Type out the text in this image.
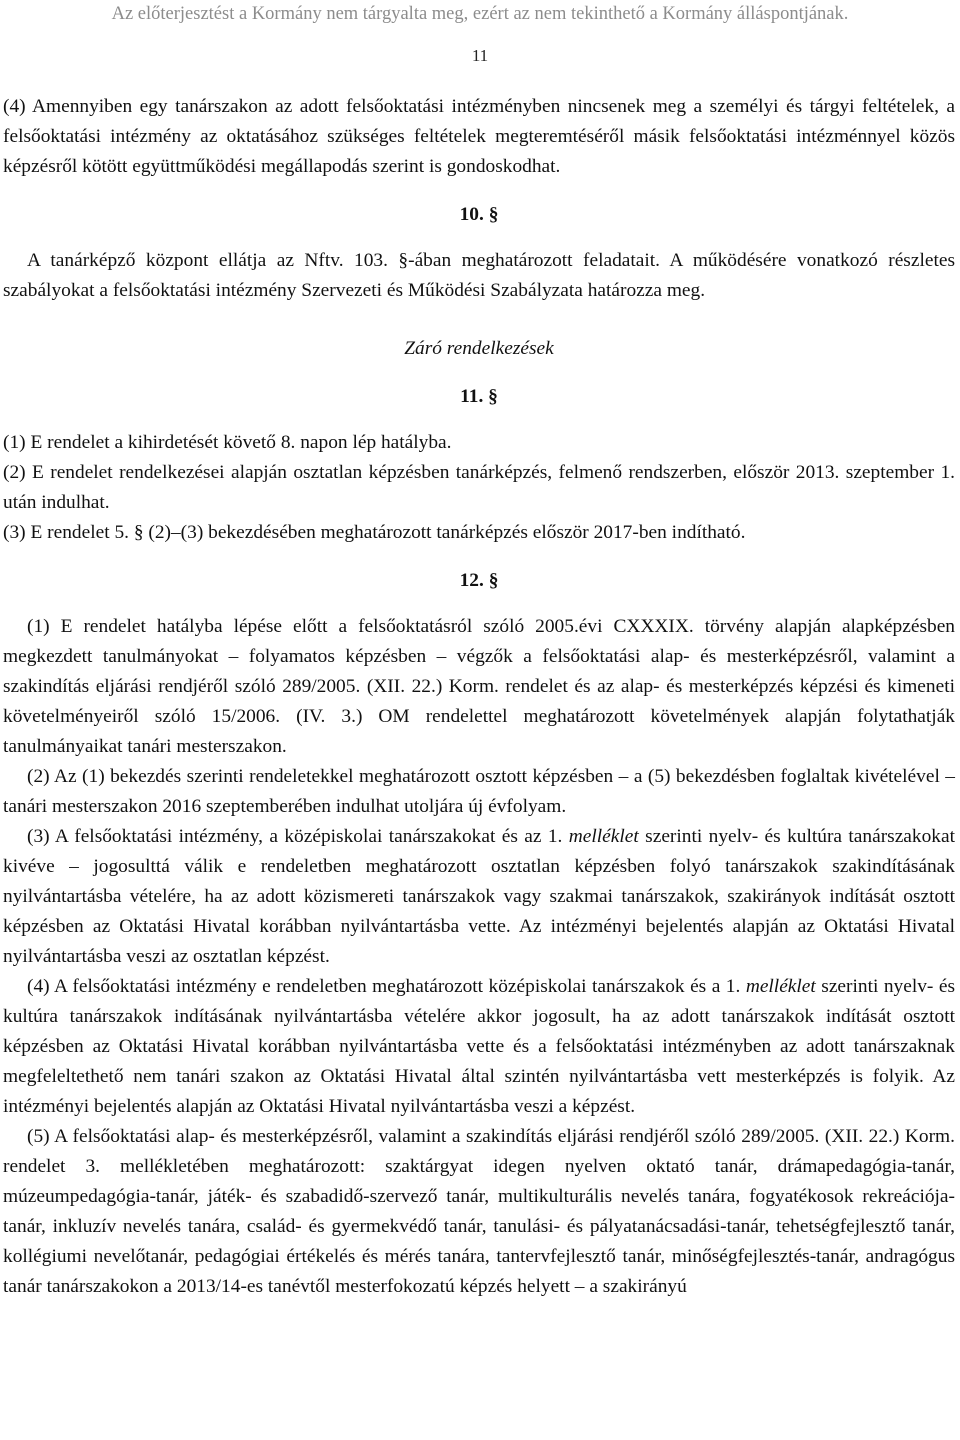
Az előterjesztést a Kormány nem tárgyalta meg, ezért az nem tekinthető a Kormány álláspontjának.
11

(4) Amennyiben egy tanárszakon az adott felsőoktatási intézményben nincsenek meg a személyi és tárgyi feltételek, a felsőoktatási intézmény az oktatásához szükséges feltételek megteremtéséről másik felsőoktatási intézménnyel közös képzésről kötött együttműködési megállapodás szerint is gondoskodhat.

10. §

A tanárképző központ ellátja az Nftv. 103. §-ában meghatározott feladatait. A működésére vonatkozó részletes szabályokat a felsőoktatási intézmény Szervezeti és Működési Szabályzata határozza meg.

Záró rendelkezések

11. §

(1) E rendelet a kihirdetését követő 8. napon lép hatályba.

(2) E rendelet rendelkezései alapján osztatlan képzésben tanárképzés, felmenő rendszerben, először 2013. szeptember 1. után indulhat.

(3) E rendelet 5. § (2)–(3) bekezdésében meghatározott tanárképzés először 2017-ben indítható.

12. §

(1) E rendelet hatályba lépése előtt a felsőoktatásról szóló 2005.évi CXXXIX. törvény alapján alapképzésben megkezdett tanulmányokat – folyamatos képzésben – végzők a felsőoktatási alap- és mesterképzésről, valamint a szakindítás eljárási rendjéről szóló 289/2005. (XII. 22.) Korm. rendelet és az alap- és mesterképzés képzési és kimeneti követelményeiről szóló 15/2006. (IV. 3.) OM rendelettel meghatározott követelmények alapján folytathatják tanulmányaikat tanári mesterszakon.

(2) Az (1) bekezdés szerinti rendeletekkel meghatározott osztott képzésben – a (5) bekezdésben foglaltak kivételével – tanári mesterszakon 2016 szeptemberében indulhat utoljára új évfolyam.

(3) A felsőoktatási intézmény, a középiskolai tanárszakokat és az 1. melléklet szerinti nyelv- és kultúra tanárszakokat kivéve – jogosulttá válik e rendeletben meghatározott osztatlan képzésben folyó tanárszakok szakindításának nyilvántartásba vételére, ha az adott közismereti tanárszakok vagy szakmai tanárszakok, szakirányok indítását osztott képzésben az Oktatási Hivatal korábban nyilvántartásba vette. Az intézményi bejelentés alapján az Oktatási Hivatal nyilvántartásba veszi az osztatlan képzést.

(4) A felsőoktatási intézmény e rendeletben meghatározott középiskolai tanárszakok és a 1. melléklet szerinti nyelv- és kultúra tanárszakok indításának nyilvántartásba vételére akkor jogosult, ha az adott tanárszakok indítását osztott képzésben az Oktatási Hivatal korábban nyilvántartásba vette és a felsőoktatási intézményben az adott tanárszaknak megfeleltethető nem tanári szakon az Oktatási Hivatal által szintén nyilvántartásba vett mesterképzés is folyik. Az intézményi bejelentés alapján az Oktatási Hivatal nyilvántartásba veszi a képzést.

(5) A felsőoktatási alap- és mesterképzésről, valamint a szakindítás eljárási rendjéről szóló 289/2005. (XII. 22.) Korm. rendelet 3. mellékletében meghatározott: szaktárgyat idegen nyelven oktató tanár, drámapedagógia-tanár, múzeumpedagógia-tanár, játék- és szabadidő-szervező tanár, multikulturális nevelés tanára, fogyatékosok rekreációja-tanár, inkluzív nevelés tanára, család- és gyermekvédő tanár, tanulási- és pályatanácsadási-tanár, tehetségfejlesztő tanár, kollégiumi nevelőtanár, pedagógiai értékelés és mérés tanára, tantervfejlesztő tanár, minőségfejlesztés-tanár, andragógus tanár tanárszakokon a 2013/14-es tanévtől mesterfokozatú képzés helyett – a szakirányú
